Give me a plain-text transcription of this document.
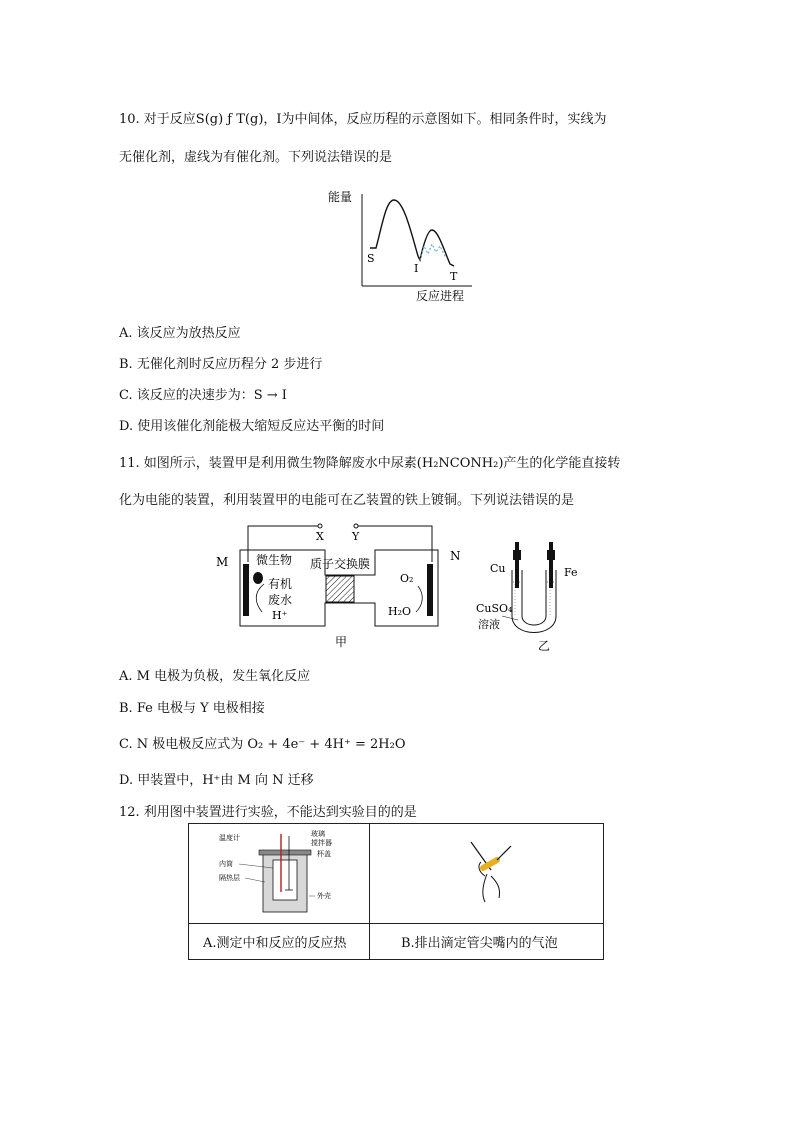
10. 对于反应S(g) ƒ T(g)，I为中间体，反应历程的示意图如下。相同条件时，实线为
无催化剂，虚线为有催化剂。下列说法错误的是
能量
反应进程
S
I
T
A. 该反应为放热反应
B. 无催化剂时反应历程分 2 步进行
C. 该反应的决速步为：S → I
D. 使用该催化剂能极大缩短反应达平衡的时间
11. 如图所示，装置甲是利用微生物降解废水中尿素(H₂NCONH₂)产生的化学能直接转
化为电能的装置，利用装置甲的电能可在乙装置的铁上镀铜。下列说法错误的是
X	Y
M	N
微生物 质子交换膜
有机
废水
H⁺
O₂
H₂O
甲
Cu	Fe
CuSO₄
溶液
乙
A. M 电极为负极，发生氧化反应
B. Fe 电极与 Y 电极相接
C. N 极电极反应式为 O₂ + 4e⁻ + 4H⁺ = 2H₂O
D. 甲装置中，H⁺由 M 向 N 迁移
12. 利用图中装置进行实验，不能达到实验目的的是
温度计	玻璃
搅拌器
杯盖
内筒
隔热层
外壳
A.测定中和反应的反应热	B.排出滴定管尖嘴内的气泡
